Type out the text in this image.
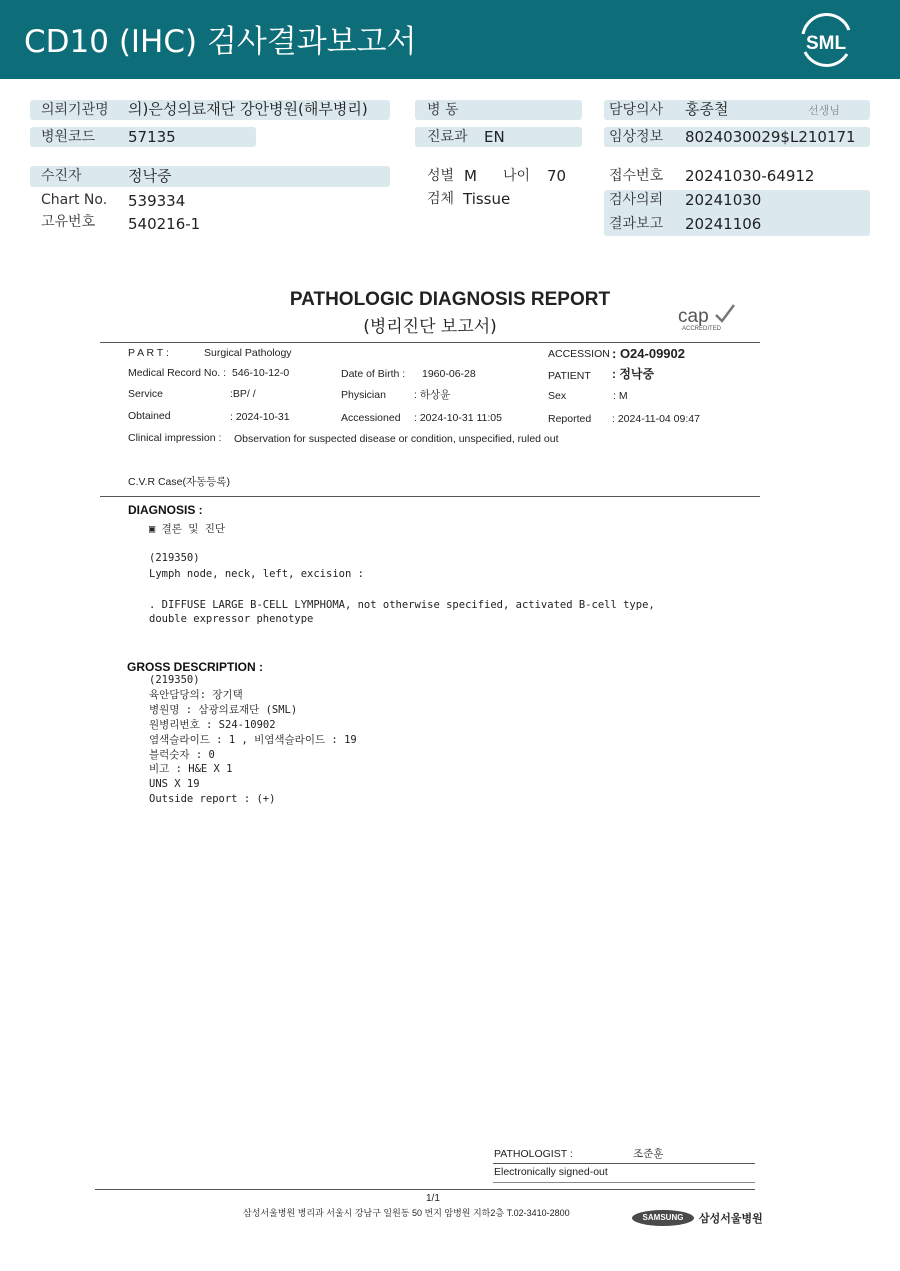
CD10 (IHC) 검사결과보고서	SML
의뢰기관명 의)은성의료재단 강안병원(해부병리)
병원코드 57135
병 동
진료과 EN
담당의사 홍종철	선생님
임상정보 8024030029$L210171
수진자	정낙중
Chart No. 539334
고유번호 540216-1
성별 M 나이 70
검체 Tissue
접수번호 20241030-64912
검사의뢰 20241030
결과보고 20241106
PATHOLOGIC DIAGNOSIS REPORT
(병리진단 보고서)	cap
ACCREDITED
P A R T :	Surgical Pathology	ACCESSION : O24-09902
Medical Record No. : 546-10-12-0	Date of Birth : 1960-06-28	PATIENT : 정낙중
Service	:BP/ /	Physician	: 하상윤	Sex	: M
Obtained	: 2024-10-31	Accessioned : 2024-10-31 11:05	Reported : 2024-11-04 09:47
Clinical impression : Observation for suspected disease or condition, unspecified, ruled out
C.V.R Case(자동등록)
DIAGNOSIS :
▣ 결론 및 진단
(219350)
Lymph node, neck, left, excision :
. DIFFUSE LARGE B-CELL LYMPHOMA, not otherwise specified, activated B-cell type,
double expressor phenotype
GROSS DESCRIPTION :
(219350)
육안담당의: 장기택
병원명 : 삼광의료재단 (SML)
원병리번호 : S24-10902
염색슬라이드 : 1 , 비염색슬라이드 : 19
블럭숫자 : 0
비고 : H&E X 1
UNS X 19
Outside report : (+)
PATHOLOGIST :	조준훈
Electronically signed-out
1/1
삼성서울병원 병리과 서울시 강남구 일원동 50 번지 암병원 지하2층 T.02-3410-2800	SAMSUNG	삼성서울병원
